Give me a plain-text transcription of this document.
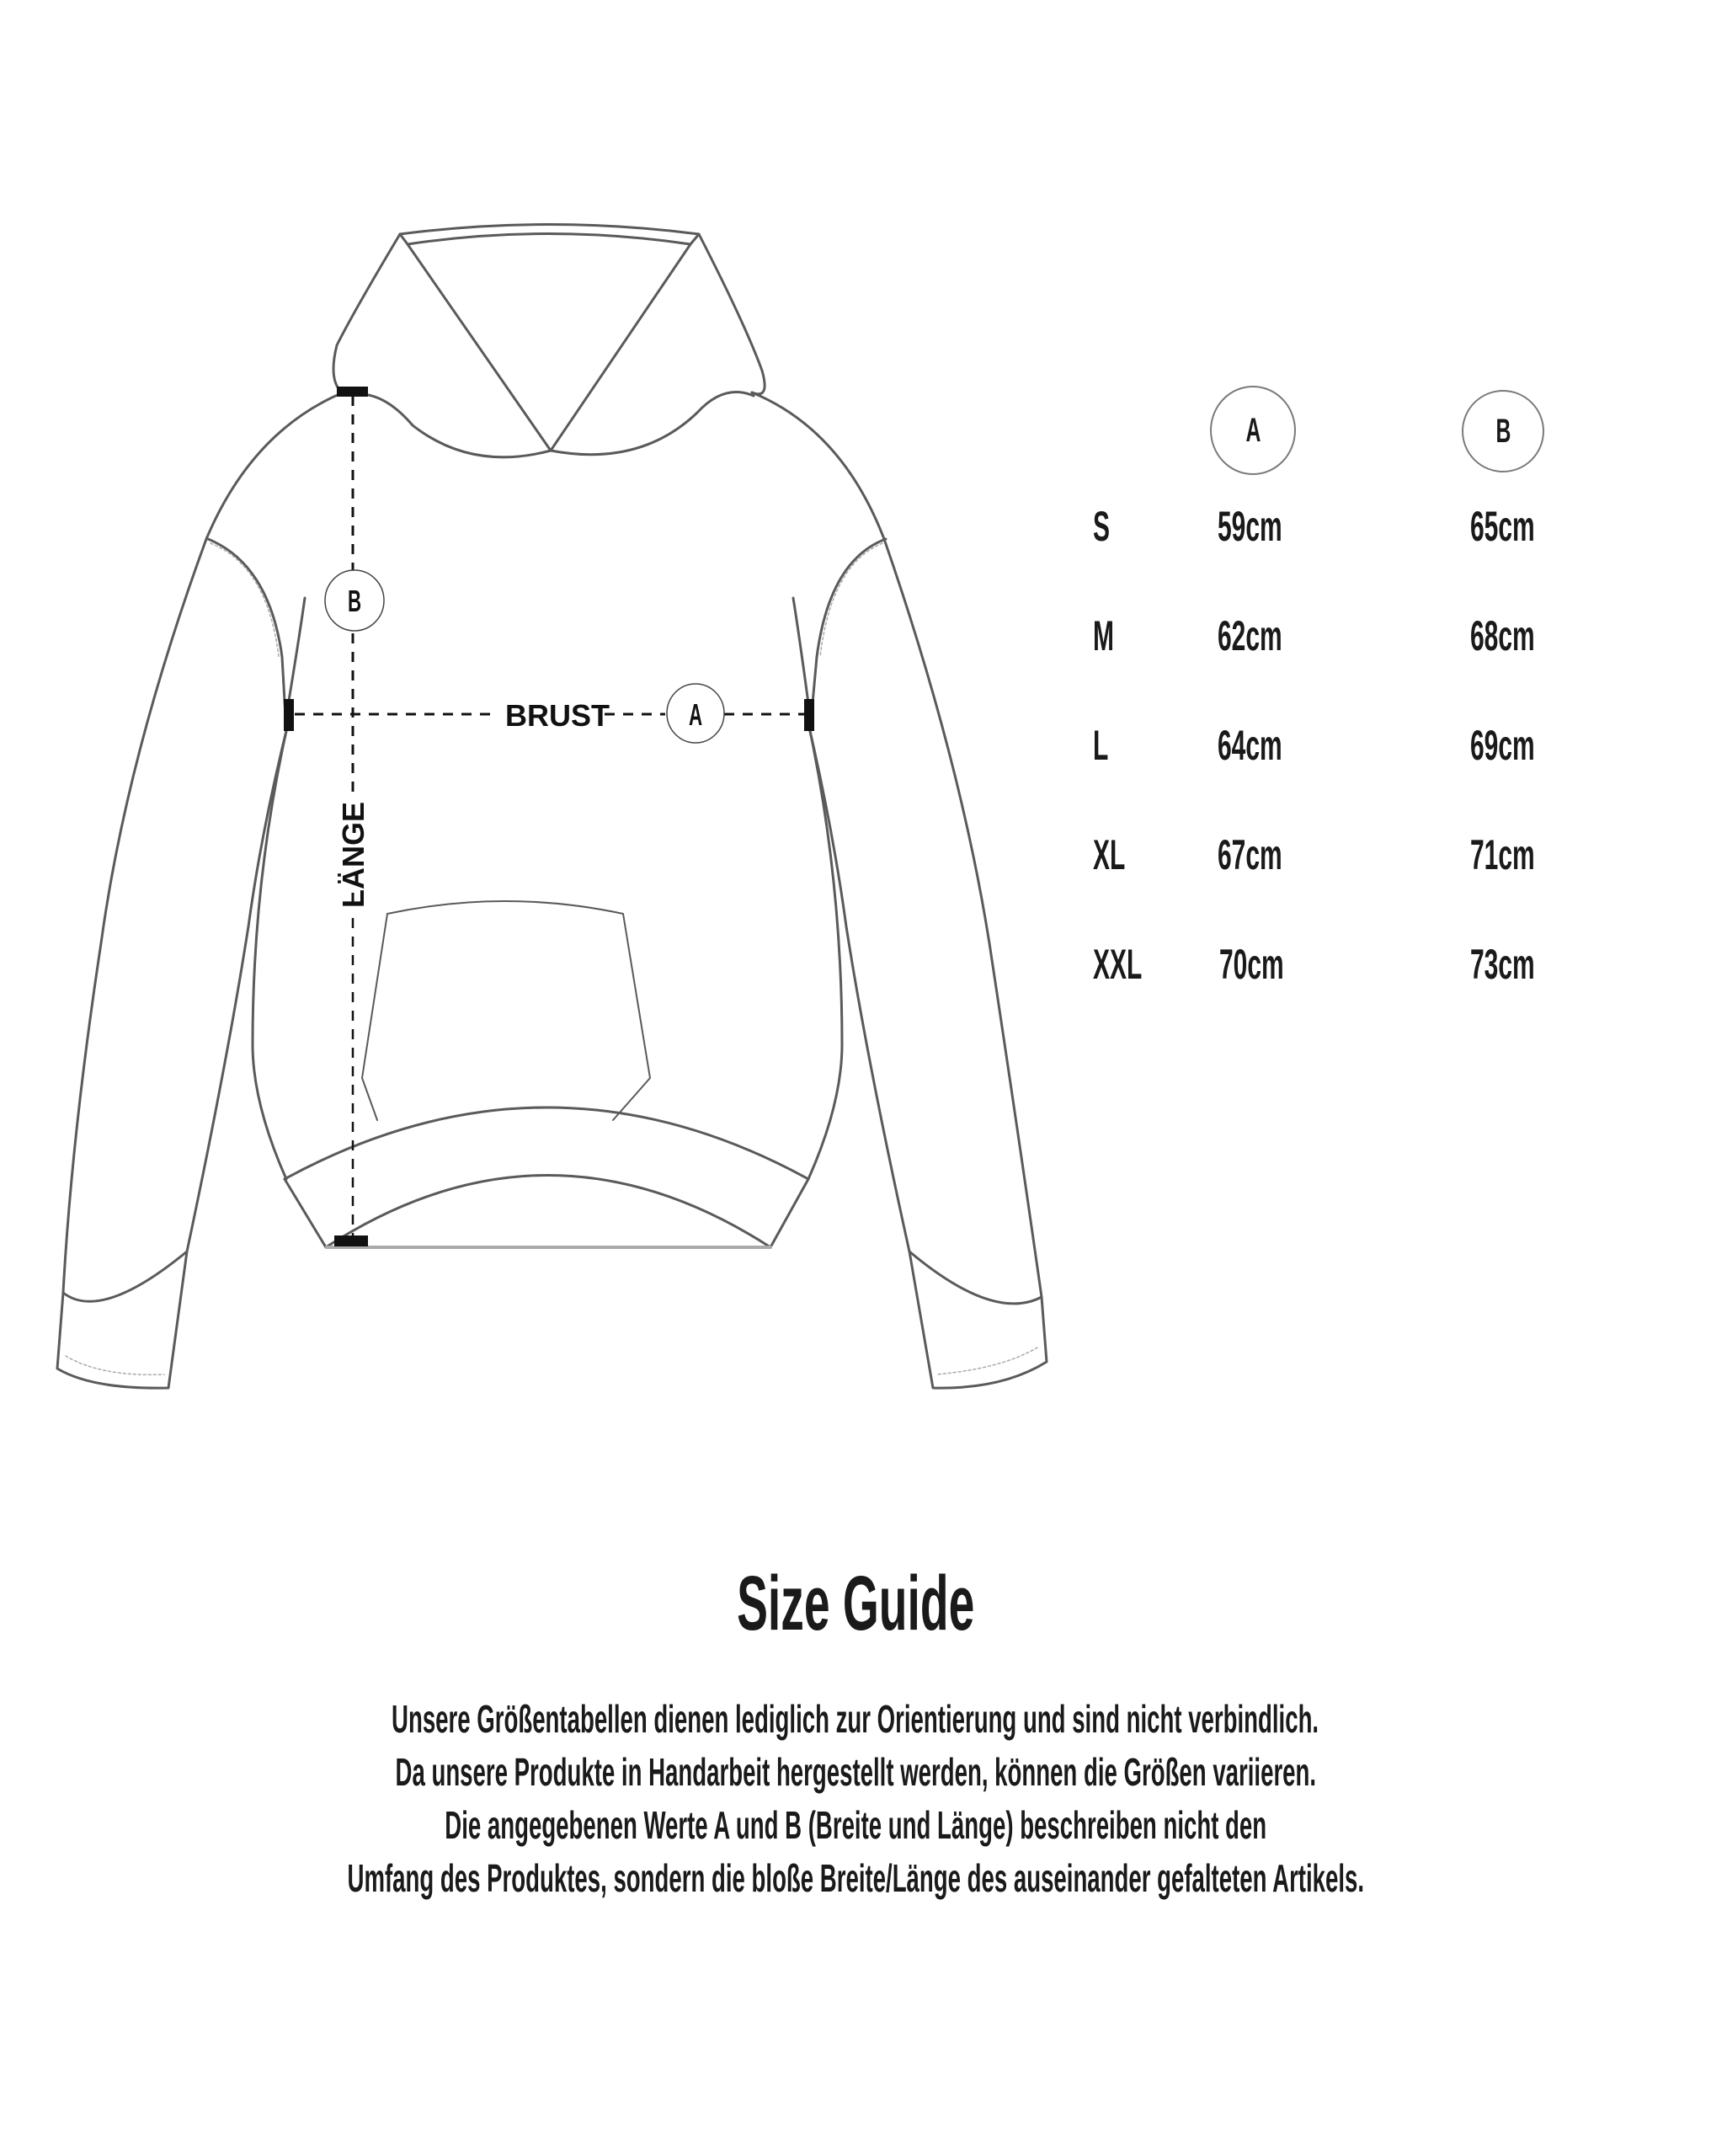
B
A
BRUST
LÄNGE
A	B
S	59cm	65cm
M 62cm	68cm
L	64cm	69cm
XL 67cm	71cm
XXL 70cm	73cm
Size Guide
Unsere Größentabellen dienen lediglich zur Orientierung und sind nicht verbindlich.
Da unsere Produkte in Handarbeit hergestellt werden, können die Größen variieren.
Die angegebenen Werte A und B (Breite und Länge) beschreiben nicht den
Umfang des Produktes, sondern die bloße Breite/Länge des auseinander gefalteten Artikels.
